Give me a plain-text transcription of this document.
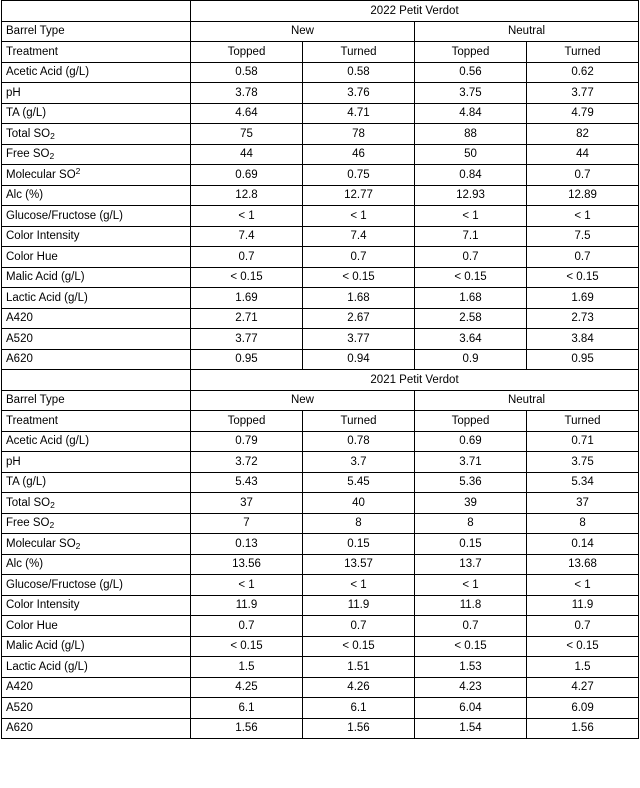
	2022 Petit Verdot			
Barrel Type	New		Neutral	
Treatment	Topped	Turned	Topped	Turned
Acetic Acid (g/L)	0.58	0.58	0.56	0.62
pH	3.78	3.76	3.75	3.77
TA (g/L)	4.64	4.71	4.84	4.79
Total $SO_2$	75	78	88	82
Free $SO_2$	44	46	50	44
Molecular $SO^2$	0.69	0.75	0.84	0.7
Alc (%)	12.8	12.77	12.93	12.89
Glucose/Fructose (g/L)	< 1	< 1	< 1	< 1
Color Intensity	7.4	7.4	7.1	7.5
Color Hue	0.7	0.7	0.7	0.7
Malic Acid (g/L)	< 0.15	< 0.15	< 0.15	< 0.15
Lactic Acid (g/L)	1.69	1.68	1.68	1.69
A420	2.71	2.67	2.58	2.73
A520	3.77	3.77	3.64	3.84
A620	0.95	0.94	0.9	0.95
	2021 Petit Verdot			
Barrel Type	New		Neutral	
Treatment	Topped	Turned	Topped	Turned
Acetic Acid (g/L)	0.79	0.78	0.69	0.71
pH	3.72	3.7	3.71	3.75
TA (g/L)	5.43	5.45	5.36	5.34
Total $SO_2$	37	40	39	37
Free $SO_2$	7	8	8	8
Molecular $SO_2$	0.13	0.15	0.15	0.14
Alc (%)	13.56	13.57	13.7	13.68
Glucose/Fructose (g/L)	< 1	< 1	< 1	< 1
Color Intensity	11.9	11.9	11.8	11.9
Color Hue	0.7	0.7	0.7	0.7
Malic Acid (g/L)	< 0.15	< 0.15	< 0.15	< 0.15
Lactic Acid (g/L)	1.5	1.51	1.53	1.5
A420	4.25	4.26	4.23	4.27
A520	6.1	6.1	6.04	6.09
A620	1.56	1.56	1.54	1.56
